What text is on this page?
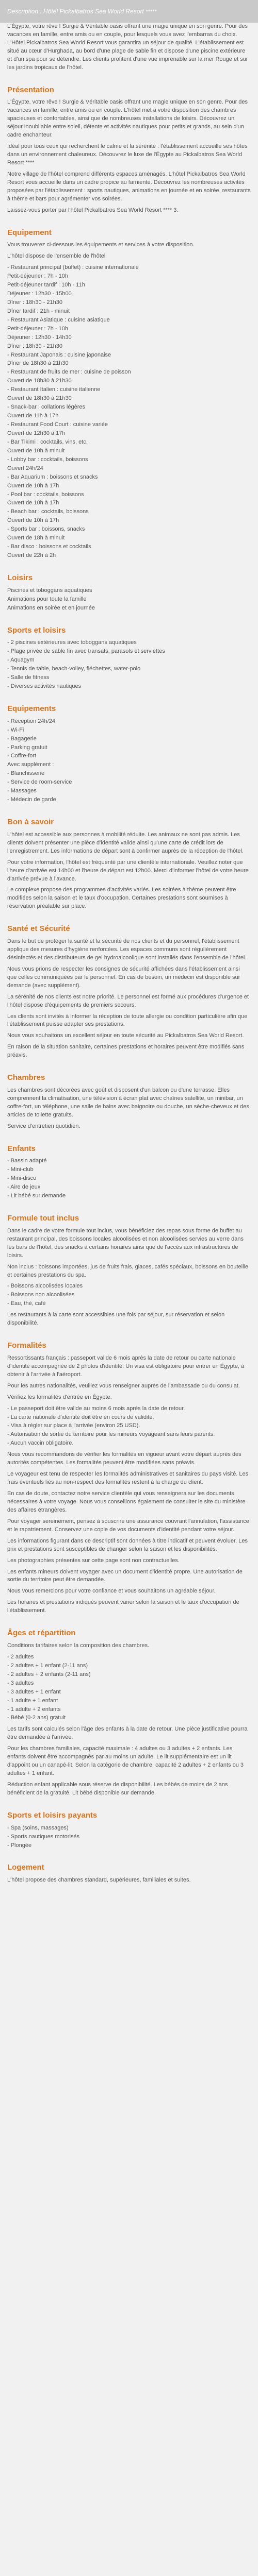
Description : Hôtel Pickalbatros Sea World Resort *****

L'Égypte, votre rêve ! Surgie & Véritable oasis offrant une magie unique en son genre. Pour des vacances en famille, entre amis ou en couple, pour lesquels vous avez l'embarras du choix. L'Hôtel Pickalbatros Sea World Resort vous garantira un séjour de qualité. L'établissement est situé au cœur d'Hurghada, au bord d'une plage de sable fin et dispose d'une piscine extérieure et d'un spa pour se détendre. Les clients profitent d'une vue imprenable sur la mer Rouge et sur les jardins tropicaux de l'hôtel.

Présentation

L'Égypte, votre rêve ! Surgie & Véritable oasis offrant une magie unique en son genre. Pour des vacances en famille, entre amis ou en couple. L'hôtel met à votre disposition des chambres spacieuses et confortables, ainsi que de nombreuses installations de loisirs. Découvrez un séjour inoubliable entre soleil, détente et activités nautiques pour petits et grands, au sein d'un cadre enchanteur.

Idéal pour tous ceux qui recherchent le calme et la sérénité : l'établissement accueille ses hôtes dans un environnement chaleureux. Découvrez le luxe de l'Égypte au Pickalbatros Sea World Resort ****

Notre village de l'hôtel comprend différents espaces aménagés. L'hôtel Pickalbatros Sea World Resort vous accueille dans un cadre propice au farniente. Découvrez les nombreuses activités proposées par l'établissement : sports nautiques, animations en journée et en soirée, restaurants à thème et bars pour agrémenter vos soirées.

Laissez-vous porter par l'hôtel Pickalbatros Sea World Resort **** 3.

Equipement

Vous trouverez ci-dessous les équipements et services à votre disposition.

L'hôtel dispose de l'ensemble de l'hôtel

- Restaurant principal (buffet) : cuisine internationale
Petit-déjeuner : 7h - 10h
Petit-déjeuner tardif : 10h - 11h
Déjeuner : 12h30 - 15h00
Dîner : 18h30 - 21h30
Dîner tardif : 21h - minuit
- Restaurant Asiatique : cuisine asiatique
Petit-déjeuner : 7h - 10h
Déjeuner : 12h30 - 14h30
Dîner : 18h30 - 21h30
- Restaurant Japonais : cuisine japonaise
Dîner de 18h30 à 21h30
- Restaurant de fruits de mer : cuisine de poisson
Ouvert de 18h30 à 21h30
- Restaurant Italien : cuisine italienne
Ouvert de 18h30 à 21h30
- Snack-bar : collations légères
Ouvert de 11h à 17h
- Restaurant Food Court : cuisine variée
Ouvert de 12h30 à 17h
- Bar Tikimi : cocktails, vins, etc.
Ouvert de 10h à minuit
- Lobby bar : cocktails, boissons
Ouvert 24h/24
- Bar Aquarium : boissons et snacks
Ouvert de 10h à 17h
- Pool bar : cocktails, boissons
Ouvert de 10h à 17h
- Beach bar : cocktails, boissons
Ouvert de 10h à 17h
- Sports bar : boissons, snacks
Ouvert de 18h à minuit
- Bar disco : boissons et cocktails
Ouvert de 22h à 2h
Loisirs
Piscines et toboggans aquatiques
Animations pour toute la famille
Animations en soirée et en journée
Sports et loisirs
- 2 piscines extérieures avec toboggans aquatiques
- Plage privée de sable fin avec transats, parasols et serviettes
- Aquagym
- Tennis de table, beach-volley, fléchettes, water-polo
- Salle de fitness
- Diverses activités nautiques
Equipements
- Réception 24h/24
- Wi-Fi
- Bagagerie
- Parking gratuit
- Coffre-fort
Avec supplément :
- Blanchisserie
- Service de room-service
- Massages
- Médecin de garde
Bon à savoir

L'hôtel est accessible aux personnes à mobilité réduite. Les animaux ne sont pas admis. Les clients doivent présenter une pièce d'identité valide ainsi qu'une carte de crédit lors de l'enregistrement. Les informations de départ sont à confirmer auprès de la réception de l'hôtel.

Pour votre information, l'hôtel est fréquenté par une clientèle internationale. Veuillez noter que l'heure d'arrivée est 14h00 et l'heure de départ est 12h00. Merci d'informer l'hôtel de votre heure d'arrivée prévue à l'avance.

Le complexe propose des programmes d'activités variés. Les soirées à thème peuvent être modifiées selon la saison et le taux d'occupation. Certaines prestations sont soumises à réservation préalable sur place.

Santé et Sécurité

Dans le but de protéger la santé et la sécurité de nos clients et du personnel, l'établissement applique des mesures d'hygiène renforcées. Les espaces communs sont régulièrement désinfectés et des distributeurs de gel hydroalcoolique sont installés dans l'ensemble de l'hôtel.

Nous vous prions de respecter les consignes de sécurité affichées dans l'établissement ainsi que celles communiquées par le personnel. En cas de besoin, un médecin est disponible sur demande (avec supplément).

La sérénité de nos clients est notre priorité. Le personnel est formé aux procédures d'urgence et l'hôtel dispose d'équipements de premiers secours.

Les clients sont invités à informer la réception de toute allergie ou condition particulière afin que l'établissement puisse adapter ses prestations.

Nous vous souhaitons un excellent séjour en toute sécurité au Pickalbatros Sea World Resort.

En raison de la situation sanitaire, certaines prestations et horaires peuvent être modifiés sans préavis.

Chambres

Les chambres sont décorées avec goût et disposent d'un balcon ou d'une terrasse. Elles comprennent la climatisation, une télévision à écran plat avec chaînes satellite, un minibar, un coffre-fort, un téléphone, une salle de bains avec baignoire ou douche, un sèche-cheveux et des articles de toilette gratuits.

Service d'entretien quotidien.

Enfants
- Bassin adapté
- Mini-club
- Mini-disco
- Aire de jeux
- Lit bébé sur demande
Formule tout inclus

Dans le cadre de votre formule tout inclus, vous bénéficiez des repas sous forme de buffet au restaurant principal, des boissons locales alcoolisées et non alcoolisées servies au verre dans les bars de l'hôtel, des snacks à certains horaires ainsi que de l'accès aux infrastructures de loisirs.

Non inclus : boissons importées, jus de fruits frais, glaces, cafés spéciaux, boissons en bouteille et certaines prestations du spa.

- Boissons alcoolisées locales
- Boissons non alcoolisées
- Eau, thé, café

Les restaurants à la carte sont accessibles une fois par séjour, sur réservation et selon disponibilité.

Formalités

Ressortissants français : passeport valide 6 mois après la date de retour ou carte nationale d'identité accompagnée de 2 photos d'identité. Un visa est obligatoire pour entrer en Égypte, à obtenir à l'arrivée à l'aéroport.

Pour les autres nationalités, veuillez vous renseigner auprès de l'ambassade ou du consulat.

Vérifiez les formalités d'entrée en Égypte.

- Le passeport doit être valide au moins 6 mois après la date de retour.
- La carte nationale d'identité doit être en cours de validité.
- Visa à régler sur place à l'arrivée (environ 25 USD).
- Autorisation de sortie du territoire pour les mineurs voyageant sans leurs parents.
- Aucun vaccin obligatoire.

Nous vous recommandons de vérifier les formalités en vigueur avant votre départ auprès des autorités compétentes. Les formalités peuvent être modifiées sans préavis.

Le voyageur est tenu de respecter les formalités administratives et sanitaires du pays visité. Les frais éventuels liés au non-respect des formalités restent à la charge du client.

En cas de doute, contactez notre service clientèle qui vous renseignera sur les documents nécessaires à votre voyage. Nous vous conseillons également de consulter le site du ministère des affaires étrangères.

Pour voyager sereinement, pensez à souscrire une assurance couvrant l'annulation, l'assistance et le rapatriement. Conservez une copie de vos documents d'identité pendant votre séjour.

Les informations figurant dans ce descriptif sont données à titre indicatif et peuvent évoluer. Les prix et prestations sont susceptibles de changer selon la saison et les disponibilités.

Les photographies présentes sur cette page sont non contractuelles.

Les enfants mineurs doivent voyager avec un document d'identité propre. Une autorisation de sortie du territoire peut être demandée.

Nous vous remercions pour votre confiance et vous souhaitons un agréable séjour.

Les horaires et prestations indiqués peuvent varier selon la saison et le taux d'occupation de l'établissement.

Âges et répartition

Conditions tarifaires selon la composition des chambres.

- 2 adultes
- 2 adultes + 1 enfant (2-11 ans)
- 2 adultes + 2 enfants (2-11 ans)
- 3 adultes
- 3 adultes + 1 enfant
- 1 adulte + 1 enfant
- 1 adulte + 2 enfants
- Bébé (0-2 ans) gratuit

Les tarifs sont calculés selon l'âge des enfants à la date de retour. Une pièce justificative pourra être demandée à l'arrivée.

Pour les chambres familiales, capacité maximale : 4 adultes ou 3 adultes + 2 enfants. Les enfants doivent être accompagnés par au moins un adulte. Le lit supplémentaire est un lit d'appoint ou un canapé-lit. Selon la catégorie de chambre, capacité 2 adultes + 2 enfants ou 3 adultes + 1 enfant.

Réduction enfant applicable sous réserve de disponibilité. Les bébés de moins de 2 ans bénéficient de la gratuité. Lit bébé disponible sur demande.

Sports et loisirs payants
- Spa (soins, massages)
- Sports nautiques motorisés
- Plongée
Logement

L'hôtel propose des chambres standard, supérieures, familiales et suites.
